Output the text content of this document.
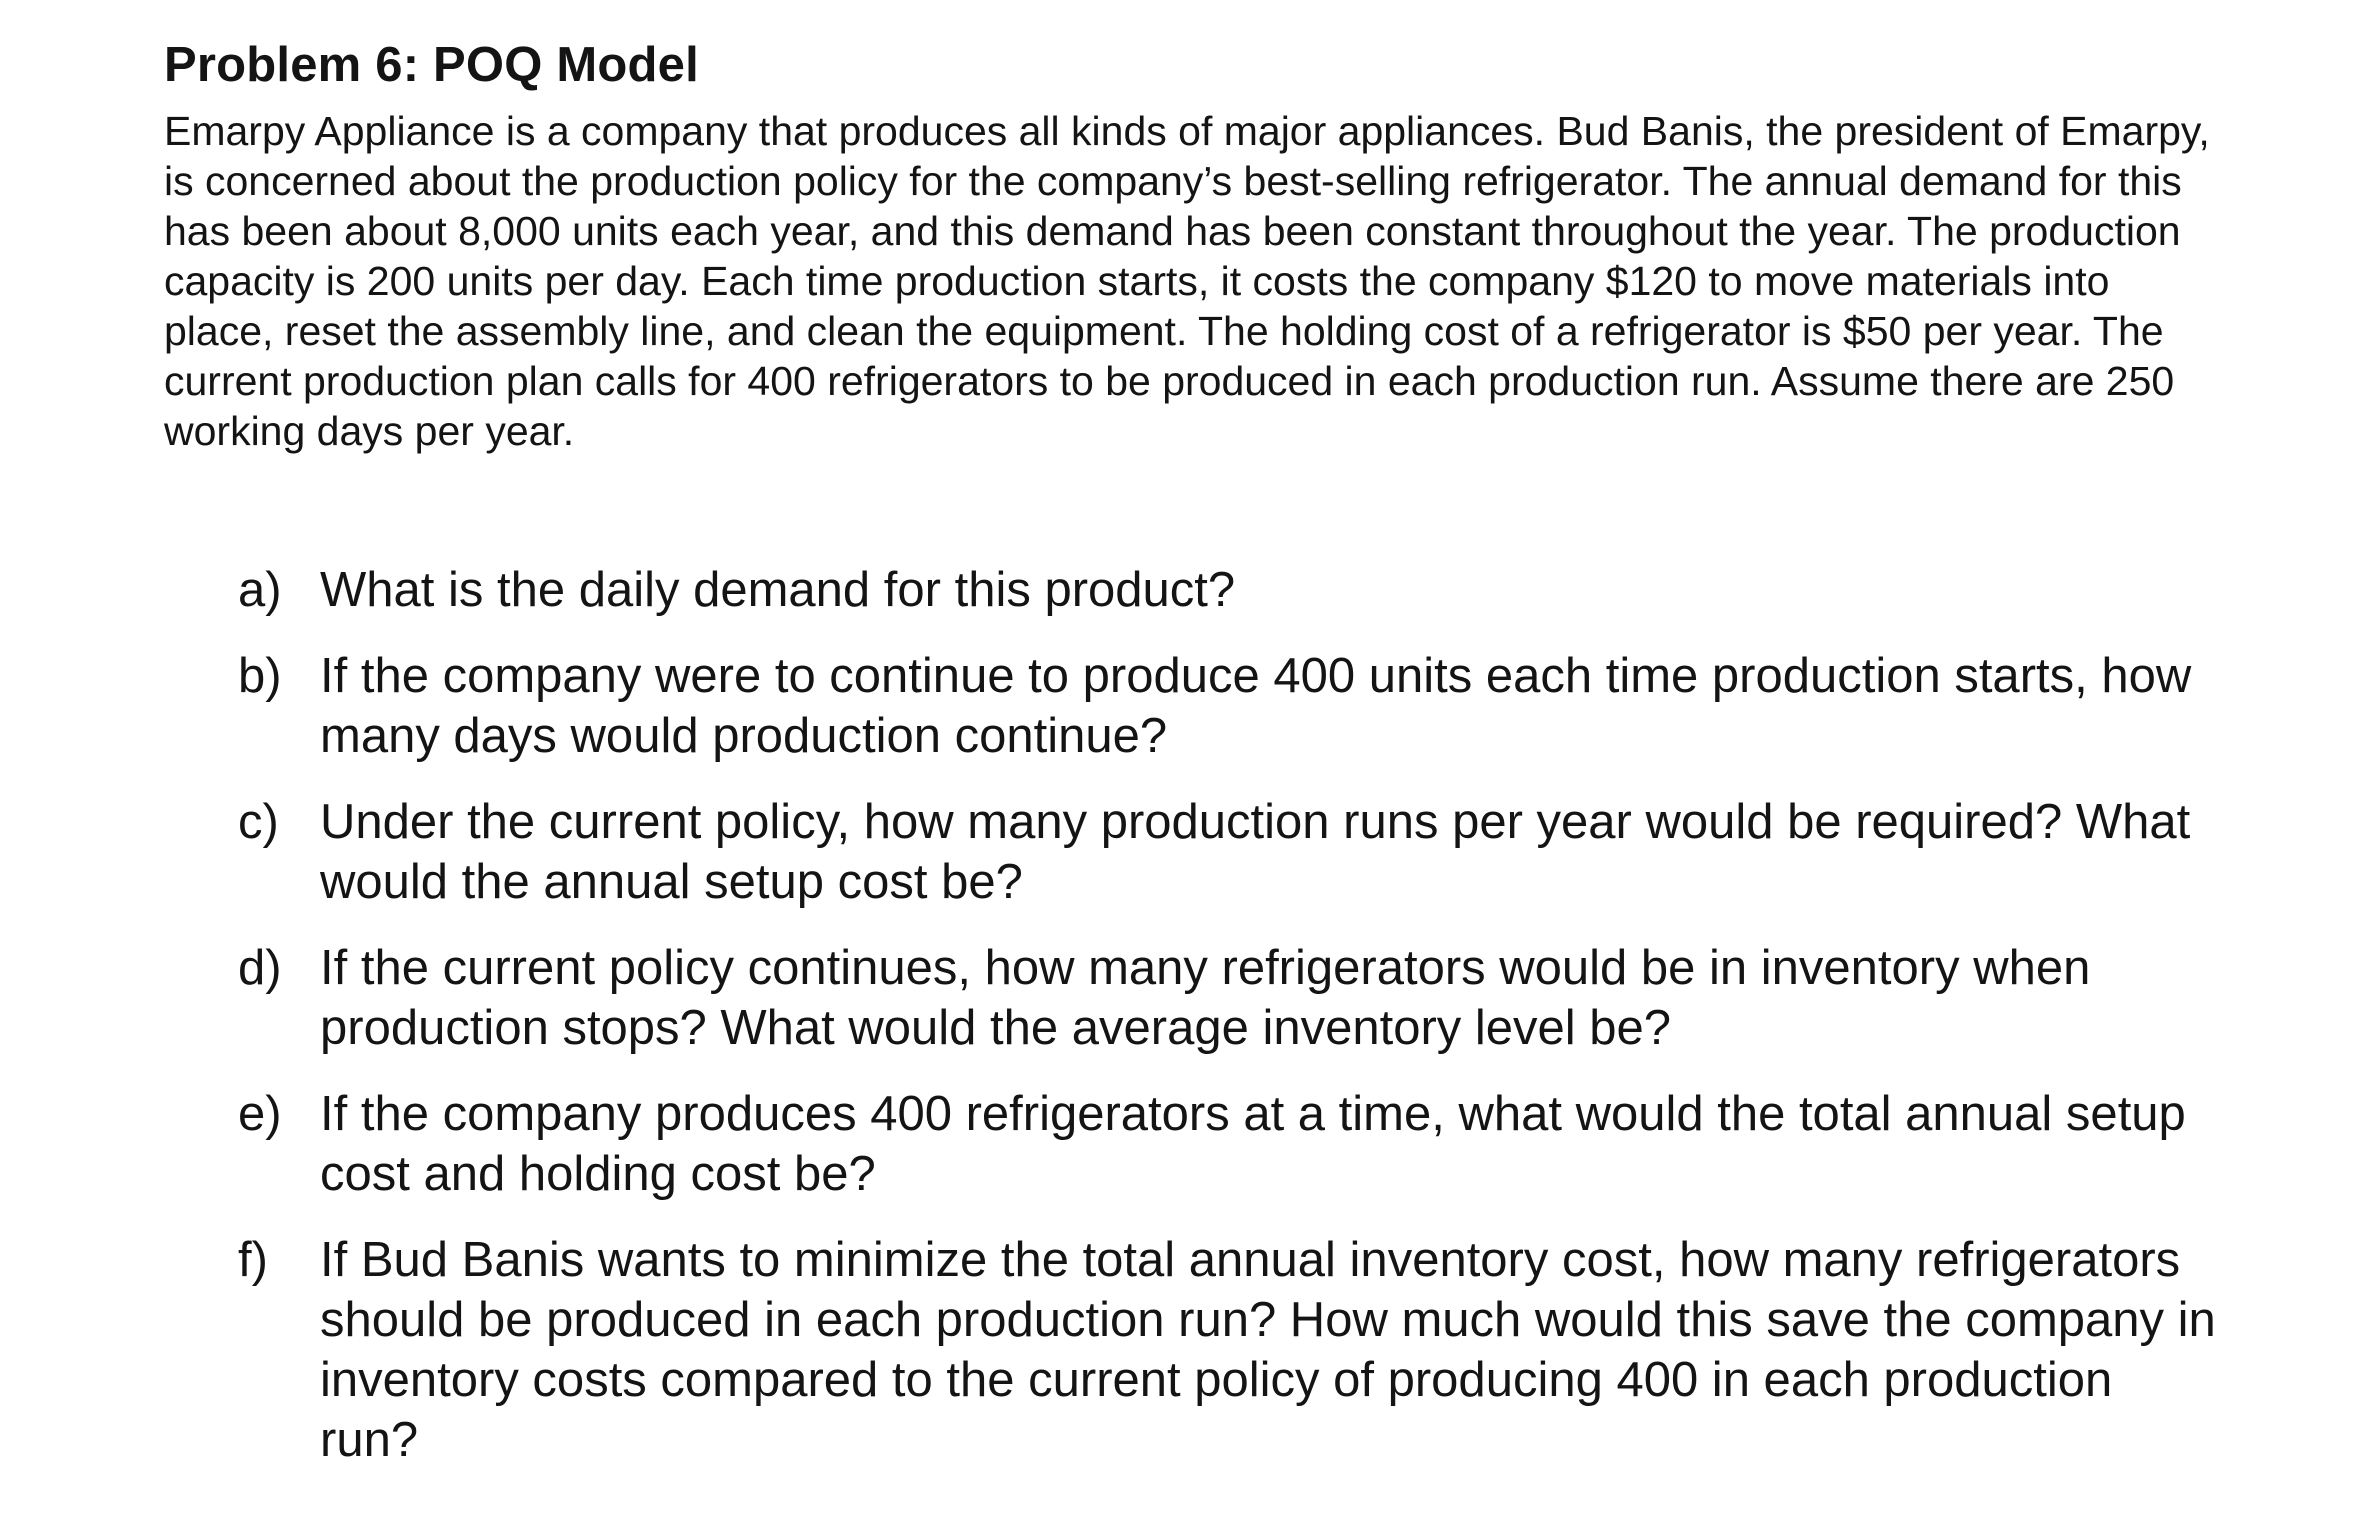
Problem 6: POQ Model

Emarpy Appliance is a company that produces all kinds of major appliances. Bud Banis, the president of Emarpy, is concerned about the production policy for the company’s best-selling refrigerator. The annual demand for this has been about 8,000 units each year, and this demand has been constant throughout the year. The production capacity is 200 units per day. Each time production starts, it costs the company $120 to move materials into place, reset the assembly line, and clean the equipment. The holding cost of a refrigerator is $50 per year. The current production plan calls for 400 refrigerators to be produced in each production run. Assume there are 250 working days per year.

a) What is the daily demand for this product?
b) If the company were to continue to produce 400 units each time production starts, how many days would production continue?
c) Under the current policy, how many production runs per year would be required? What would the annual setup cost be?
d) If the current policy continues, how many refrigerators would be in inventory when production stops? What would the average inventory level be?
e) If the company produces 400 refrigerators at a time, what would the total annual setup cost and holding cost be?
f)	If Bud Banis wants to minimize the total annual inventory cost, how many refrigerators should be produced in each production run? How much would this save the company in inventory costs compared to the current policy of producing 400 in each production run?
